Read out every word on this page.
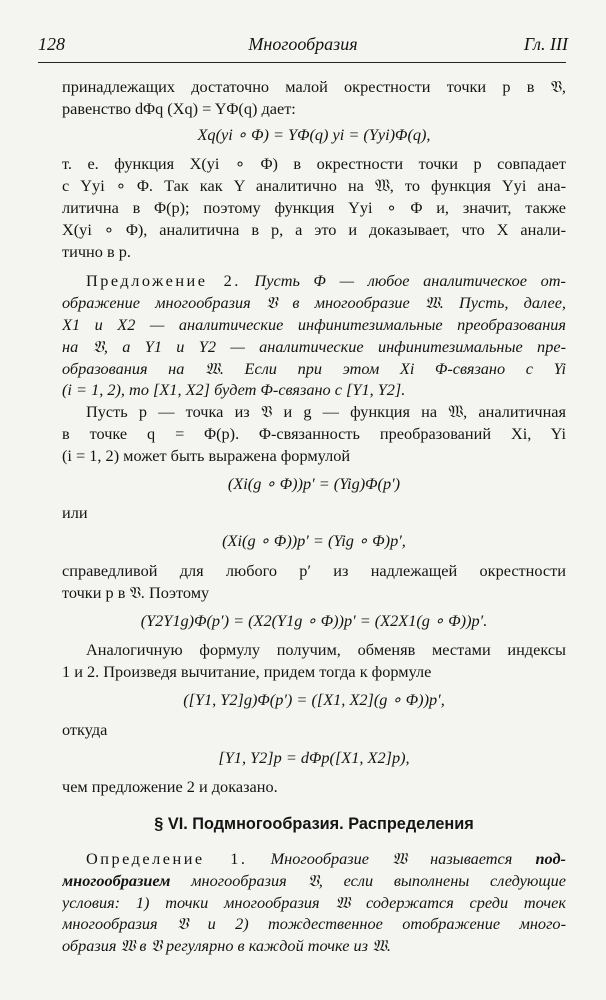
128	Многообразия	Гл. III
принадлежащих достаточно малой окрестности точки p в 𝔙,
равенство dΦq (Xq) = YΦ(q) дает:
Xq(yi ∘ Φ) = YΦ(q) yi = (Yyi)Φ(q),
т. е. функция X(yi ∘ Φ) в окрестности точки p совпадает
с Yyi ∘ Φ. Так как Y аналитично на 𝔚, то функция Yyi ана-
литична в Φ(p); поэтому функция Yyi ∘ Φ и, значит, также
X(yi ∘ Φ), аналитична в p, а это и доказывает, что X анали-
тично в p.
Предложение 2. Пусть Φ — любое аналитическое от-
ображение многообразия 𝔙 в многообразие 𝔚. Пусть, далее,
X1 и X2 — аналитические инфинитезимальные преобразования
на 𝔙, а Y1 и Y2 — аналитические инфинитезимальные пре-
образования на 𝔚. Если при этом Xi Φ-связано с Yi
(i = 1, 2), то [X1, X2] будет Φ-связано с [Y1, Y2].
Пусть p — точка из 𝔙 и g — функция на 𝔚, аналитичная
в точке q = Φ(p). Φ-связанность преобразований Xi, Yi
(i = 1, 2) может быть выражена формулой
(Xi(g ∘ Φ))p′ = (Yig)Φ(p′)
или
(Xi(g ∘ Φ))p′ = (Yig ∘ Φ)p′,
справедливой для любого p′ из надлежащей окрестности
точки p в 𝔙. Поэтому
(Y2Y1g)Φ(p′) = (X2(Y1g ∘ Φ))p′ = (X2X1(g ∘ Φ))p′.
Аналогичную формулу получим, обменяв местами индексы
1 и 2. Произведя вычитание, придем тогда к формуле
([Y1, Y2]g)Φ(p′) = ([X1, X2](g ∘ Φ))p′,
откуда
[Y1, Y2]p = dΦp([X1, X2]p),
чем предложение 2 и доказано.
§ VI. Подмногообразия. Распределения
Определение 1. Многообразие 𝔚 называется под-
многообразием многообразия 𝔙, если выполнены следующие
условия: 1) точки многообразия 𝔚 содержатся среди точек
многообразия 𝔙 и 2) тождественное отображение много-
образия 𝔚 в 𝔙 регулярно в каждой точке из 𝔚.
